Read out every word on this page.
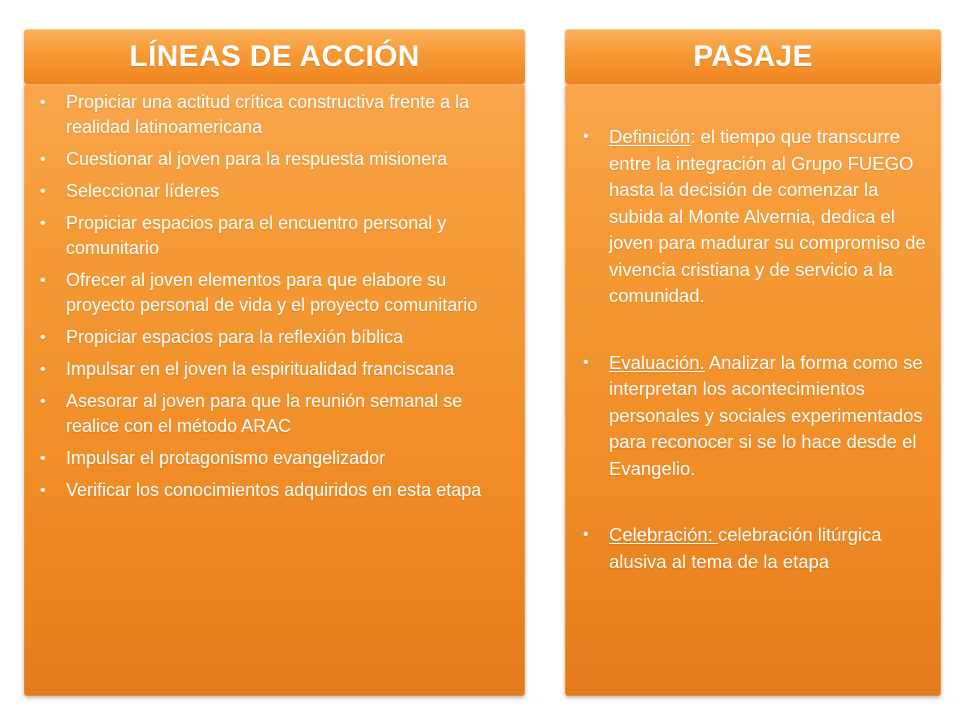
LÍNEAS DE ACCIÓN
• Propiciar una actitud crítica constructiva frente a la realidad latinoamericana
• Cuestionar al joven para la respuesta misionera
• Seleccionar líderes
• Propiciar espacios para el encuentro personal y comunitario
• Ofrecer al joven elementos para que elabore su proyecto personal de vida y el proyecto comunitario
• Propiciar espacios para la reflexión bíblica
• Impulsar en el joven la espiritualidad franciscana
• Asesorar al joven para que la reunión semanal se realice con el método ARAC
• Impulsar el protagonismo evangelizador
• Verificar los conocimientos adquiridos en esta etapa
PASAJE
• Definición: el tiempo que transcurre entre la integración al Grupo FUEGO hasta la decisión de comenzar la subida al Monte Alvernia, dedica el joven para madurar su compromiso de vivencia cristiana y de servicio a la comunidad.
• Evaluación. Analizar la forma como se interpretan los acontecimientos personales y sociales experimentados para reconocer si se lo hace desde el Evangelio.
• Celebración: celebración litúrgica alusiva al tema de la etapa
